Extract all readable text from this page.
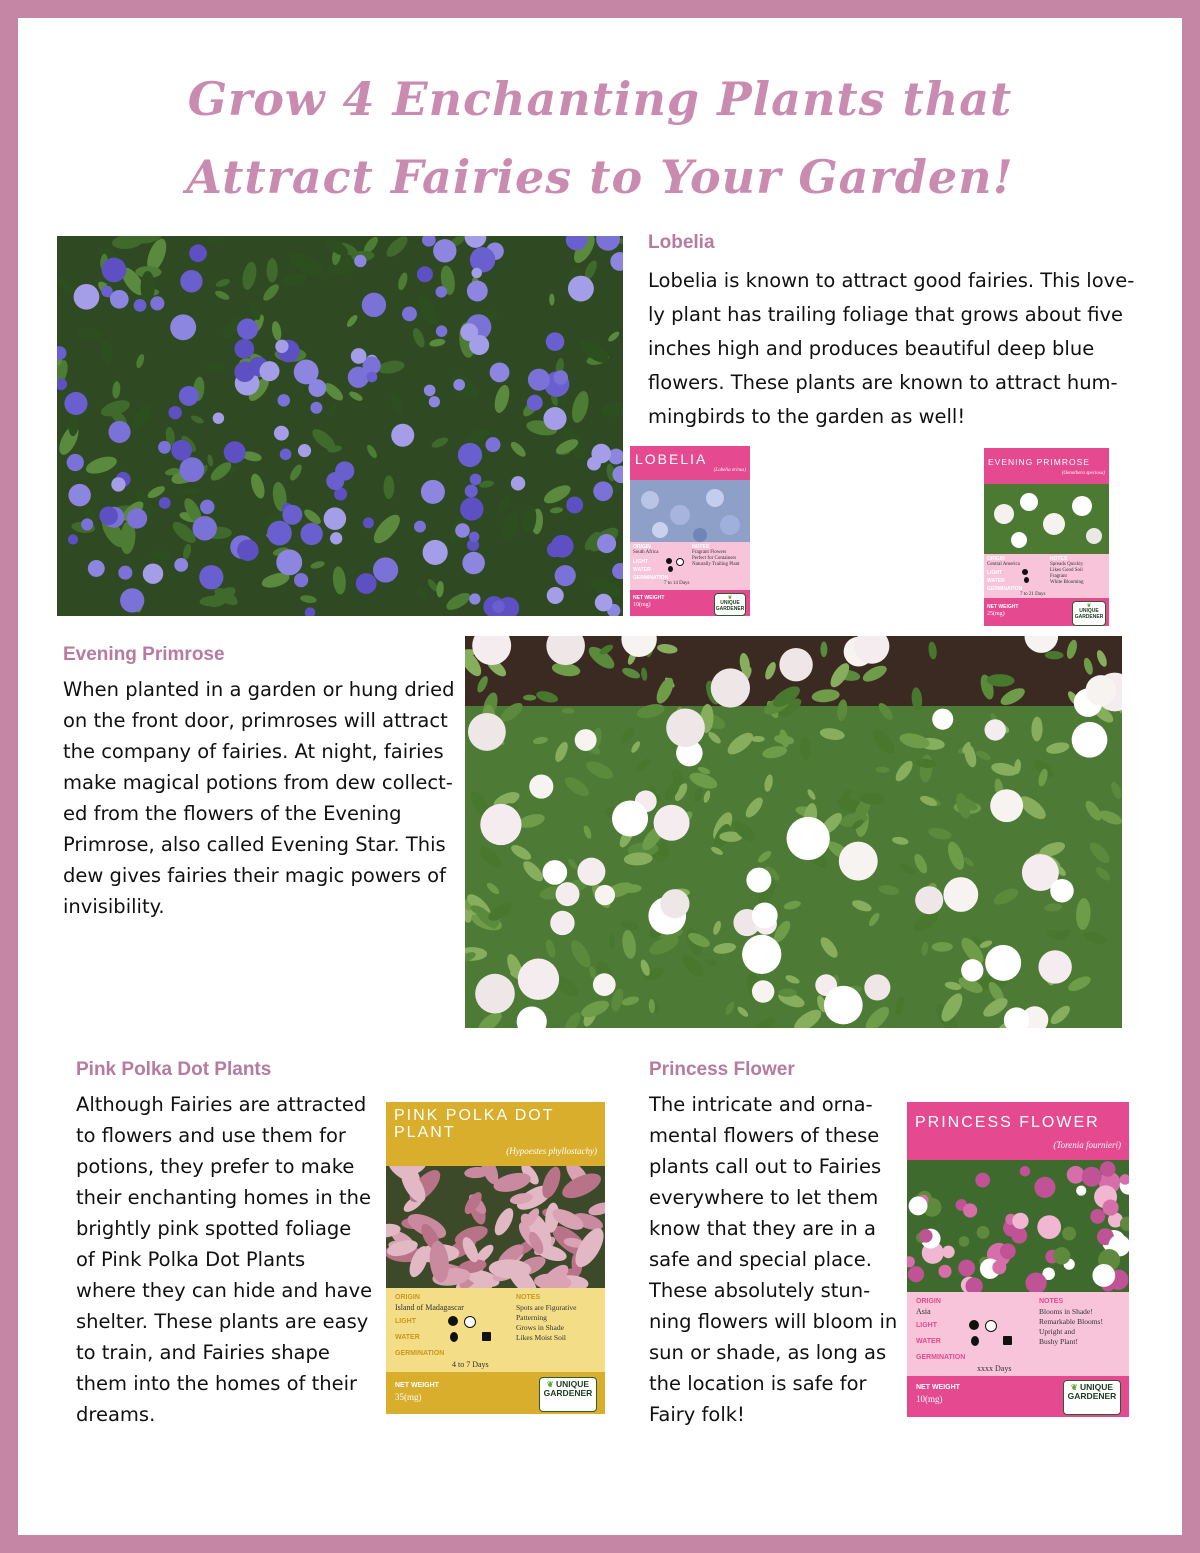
Grow 4 Enchanting Plants that
Attract Fairies to Your Garden!
Lobelia
Lobelia is known to attract good fairies. This love-
ly plant has trailing foliage that grows about five
inches high and produces beautiful deep blue
flowers. These plants are known to attract hum-
mingbirds to the garden as well!
LOBELIA
(Lobelia erinus)
ORIGIN
South Africa
LIGHT
WATER
GERMINATION
7 to 14 Days
NOTES
Fragrant Flowers
Perfect for Containers
Naturally Trailing Plant
NET WEIGHT
10(mg)
❦
UNIQUE
GARDENER
EVENING PRIMROSE
(Oenothera speciosa)
ORIGIN
Central America
LIGHT
WATER
GERMINATION
7 to 21 Days
NOTES
Spreads Quickly
Likes Good Soil
Fragrant
White Blooming
NET WEIGHT
25(mg)
❦
UNIQUE
GARDENER
Evening Primrose
When planted in a garden or hung dried
on the front door, primroses will attract
the company of fairies. At night, fairies
make magical potions from dew collect-
ed from the flowers of the Evening
Primrose, also called Evening Star. This
dew gives fairies their magic powers of
invisibility.
Pink Polka Dot Plants
Although Fairies are attracted
to flowers and use them for
potions, they prefer to make
their enchanting homes in the
brightly pink spotted foliage
of Pink Polka Dot Plants
where they can hide and have
shelter. These plants are easy
to train, and Fairies shape
them into the homes of their
dreams.
PINK POLKA DOT
PLANT
(Hypoestes phyllostachy)
ORIGIN
Island of Madagascar
LIGHT
WATER
GERMINATION
4 to 7 Days
NOTES
Spots are Figurative
Patterning
Grows in Shade
Likes Moist Soil
NET WEIGHT
35(mg)
❦ UNIQUE
GARDENER
Princess Flower
The intricate and orna-
mental flowers of these
plants call out to Fairies
everywhere to let them
know that they are in a
safe and special place.
These absolutely stun-
ning flowers will bloom in
sun or shade, as long as
the location is safe for
Fairy folk!
PRINCESS FLOWER
(Torenia fournieri)
ORIGIN
Asia
LIGHT
WATER
GERMINATION
xxxx Days
NOTES
Blooms in Shade!
Remarkable Blooms!
Upright and
Bushy Plant!
NET WEIGHT
10(mg)
❦ UNIQUE
GARDENER
